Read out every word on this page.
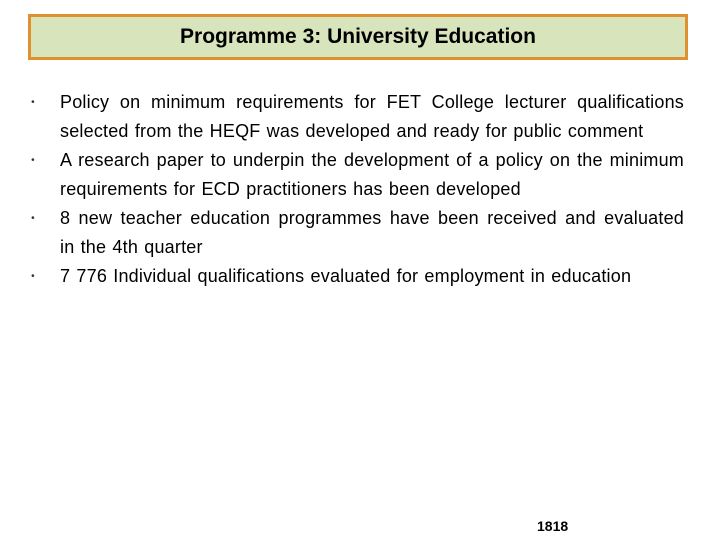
Programme 3: University Education
• Policy on minimum requirements for FET College lecturer qualifications selected from the HEQF was developed and ready for public comment
• A research paper to underpin the development of a policy on the minimum requirements for ECD practitioners has been developed
• 8 new teacher education programmes have been received and evaluated in the 4th quarter
• 7 776 Individual qualifications evaluated for employment in education
1818
